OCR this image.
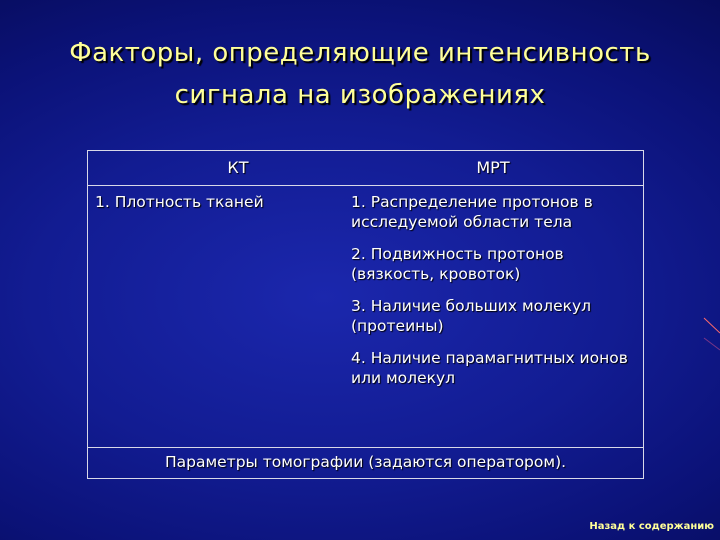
Факторы, определяющие интенсивность
сигнала на изображениях
КТ	МРТ
1. Плотность тканей	1. Распределение протонов в исследуемой области тела
2. Подвижность протонов (вязкость, кровоток)
3. Наличие больших молекул (протеины)
4. Наличие парамагнитных ионов или молекул
Параметры томографии (задаются оператором).
Назад к содержанию
